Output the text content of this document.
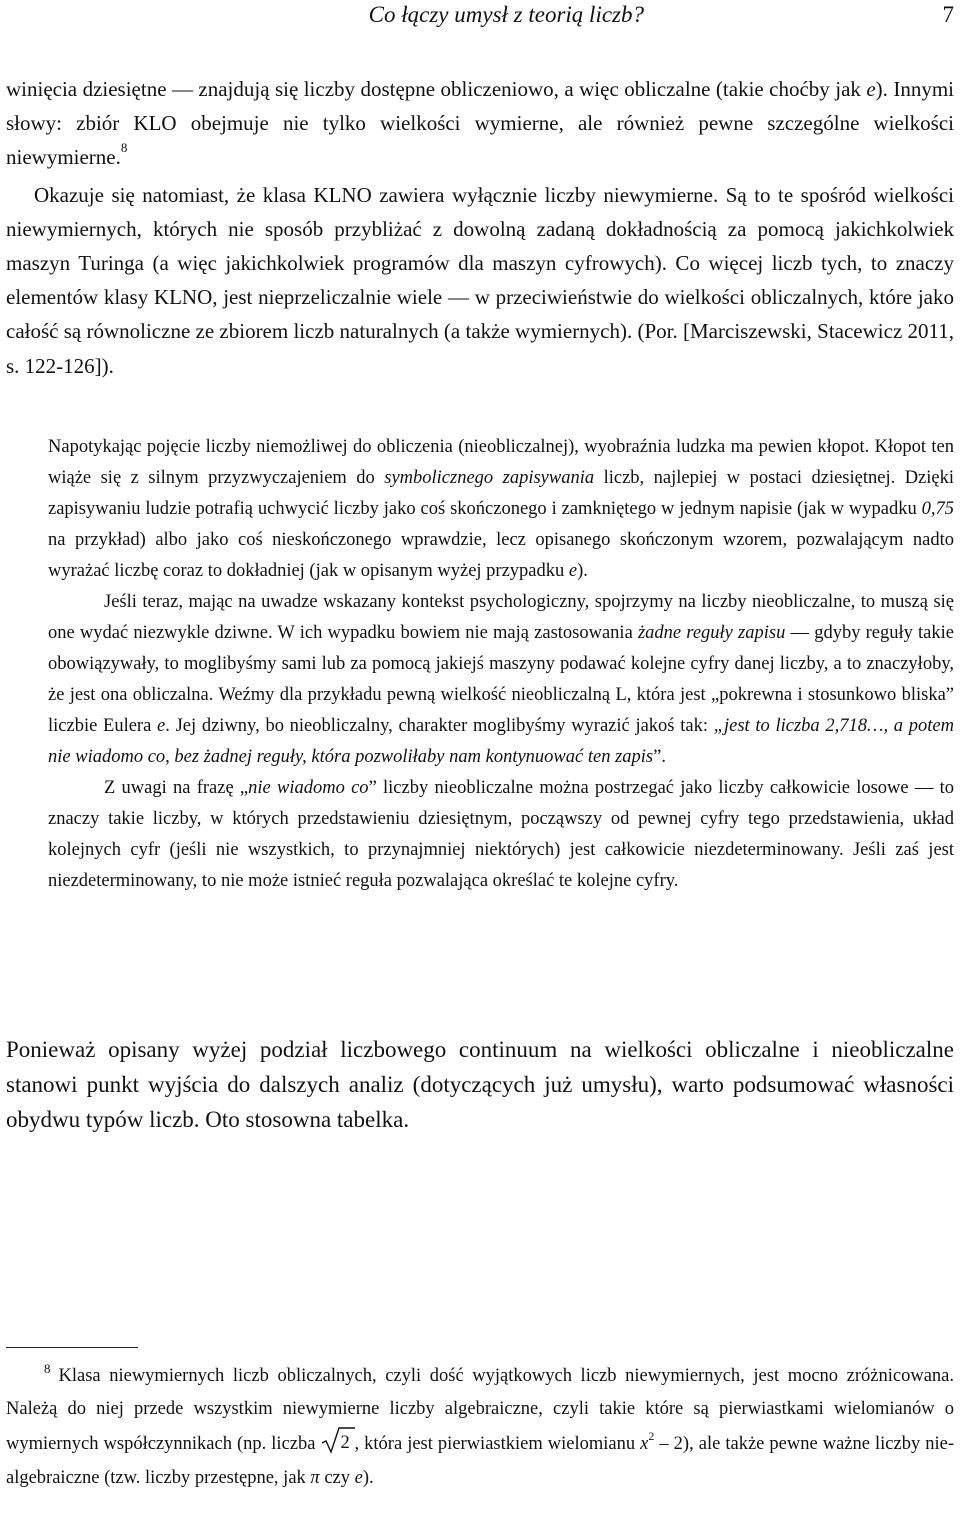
Co łączy umysł z teorią liczb?	7

winięcia dziesiętne — znajdują się liczby dostępne obliczeniowo, a więc obliczalne (takie choćby jak e). Innymi słowy: zbiór KLO obejmuje nie tylko wielkości wymierne, ale również pewne szczególne wielkości niewymierne.$^8$

Okazuje się natomiast, że klasa KLNO zawiera wyłącznie liczby niewymierne. Są to te spośród wielkości niewymiernych, których nie sposób przybliżać z dowolną zadaną dokładnością za pomocą jakichkolwiek maszyn Turinga (a więc jakichkolwiek programów dla maszyn cyfrowych). Co więcej liczb tych, to znaczy elementów klasy KLNO, jest nieprzeliczalnie wiele — w przeciwieństwie do wielkości obliczalnych, które jako całość są równoliczne ze zbiorem liczb naturalnych (a także wymiernych). (Por. [Marciszewski, Stacewicz 2011, s. 122-126]).

Napotykając pojęcie liczby niemożliwej do obliczenia (nieobliczalnej), wyobraźnia ludzka ma pewien kłopot. Kłopot ten wiąże się z silnym przyzwyczajeniem do symbolicznego zapisywania liczb, najlepiej w postaci dziesiętnej. Dzięki zapisywaniu ludzie potrafią uchwycić liczby jako coś skończonego i zamkniętego w jednym napisie (jak w wypadku 0,75 na przykład) albo jako coś nieskończonego wprawdzie, lecz opisanego skończonym wzorem, pozwalającym nadto wyrażać liczbę coraz to dokładniej (jak w opisanym wyżej przypadku e).

Jeśli teraz, mając na uwadze wskazany kontekst psychologiczny, spojrzymy na liczby nieobliczalne, to muszą się one wydać niezwykle dziwne. W ich wypadku bowiem nie mają zastosowania żadne reguły zapisu — gdyby reguły takie obowiązywały, to moglibyśmy sami lub za pomocą jakiejś maszyny podawać kolejne cyfry danej liczby, a to znaczyłoby, że jest ona obliczalna. Weźmy dla przykładu pewną wielkość nieobliczalną L, która jest „pokrewna i stosunkowo bliska” liczbie Eulera e. Jej dziwny, bo nieobliczalny, charakter moglibyśmy wyrazić jakoś tak: „jest to liczba 2,718…, a potem nie wiadomo co, bez żadnej reguły, która pozwoliłaby nam kontynuować ten zapis”.

Z uwagi na frazę „nie wiadomo co” liczby nieobliczalne można postrzegać jako liczby całkowicie losowe — to znaczy takie liczby, w których przedstawieniu dziesiętnym, począwszy od pewnej cyfry tego przedstawienia, układ kolejnych cyfr (jeśli nie wszystkich, to przynajmniej niektórych) jest całkowicie niezdeterminowany. Jeśli zaś jest niezdeterminowany, to nie może istnieć reguła pozwalająca określać te kolejne cyfry.

Ponieważ opisany wyżej podział liczbowego continuum na wielkości obliczalne i nieobliczalne stanowi punkt wyjścia do dalszych analiz (dotyczących już umysłu), warto podsumować własności obydwu typów liczb. Oto stosowna tabelka.

$^8$ Klasa niewymiernych liczb obliczalnych, czyli dość wyjątkowych liczb niewymiernych, jest mocno zróżnicowana. Należą do niej przede wszystkim niewymierne liczby algebraiczne, czyli takie które są pierwiastkami wielomianów o wymiernych współczynnikach (np. liczba 2 , która jest pierwiastkiem wielomianu $x^2 - 2$), ale także pewne ważne liczby nie-algebraiczne (tzw. liczby przestępne, jak π czy e).
